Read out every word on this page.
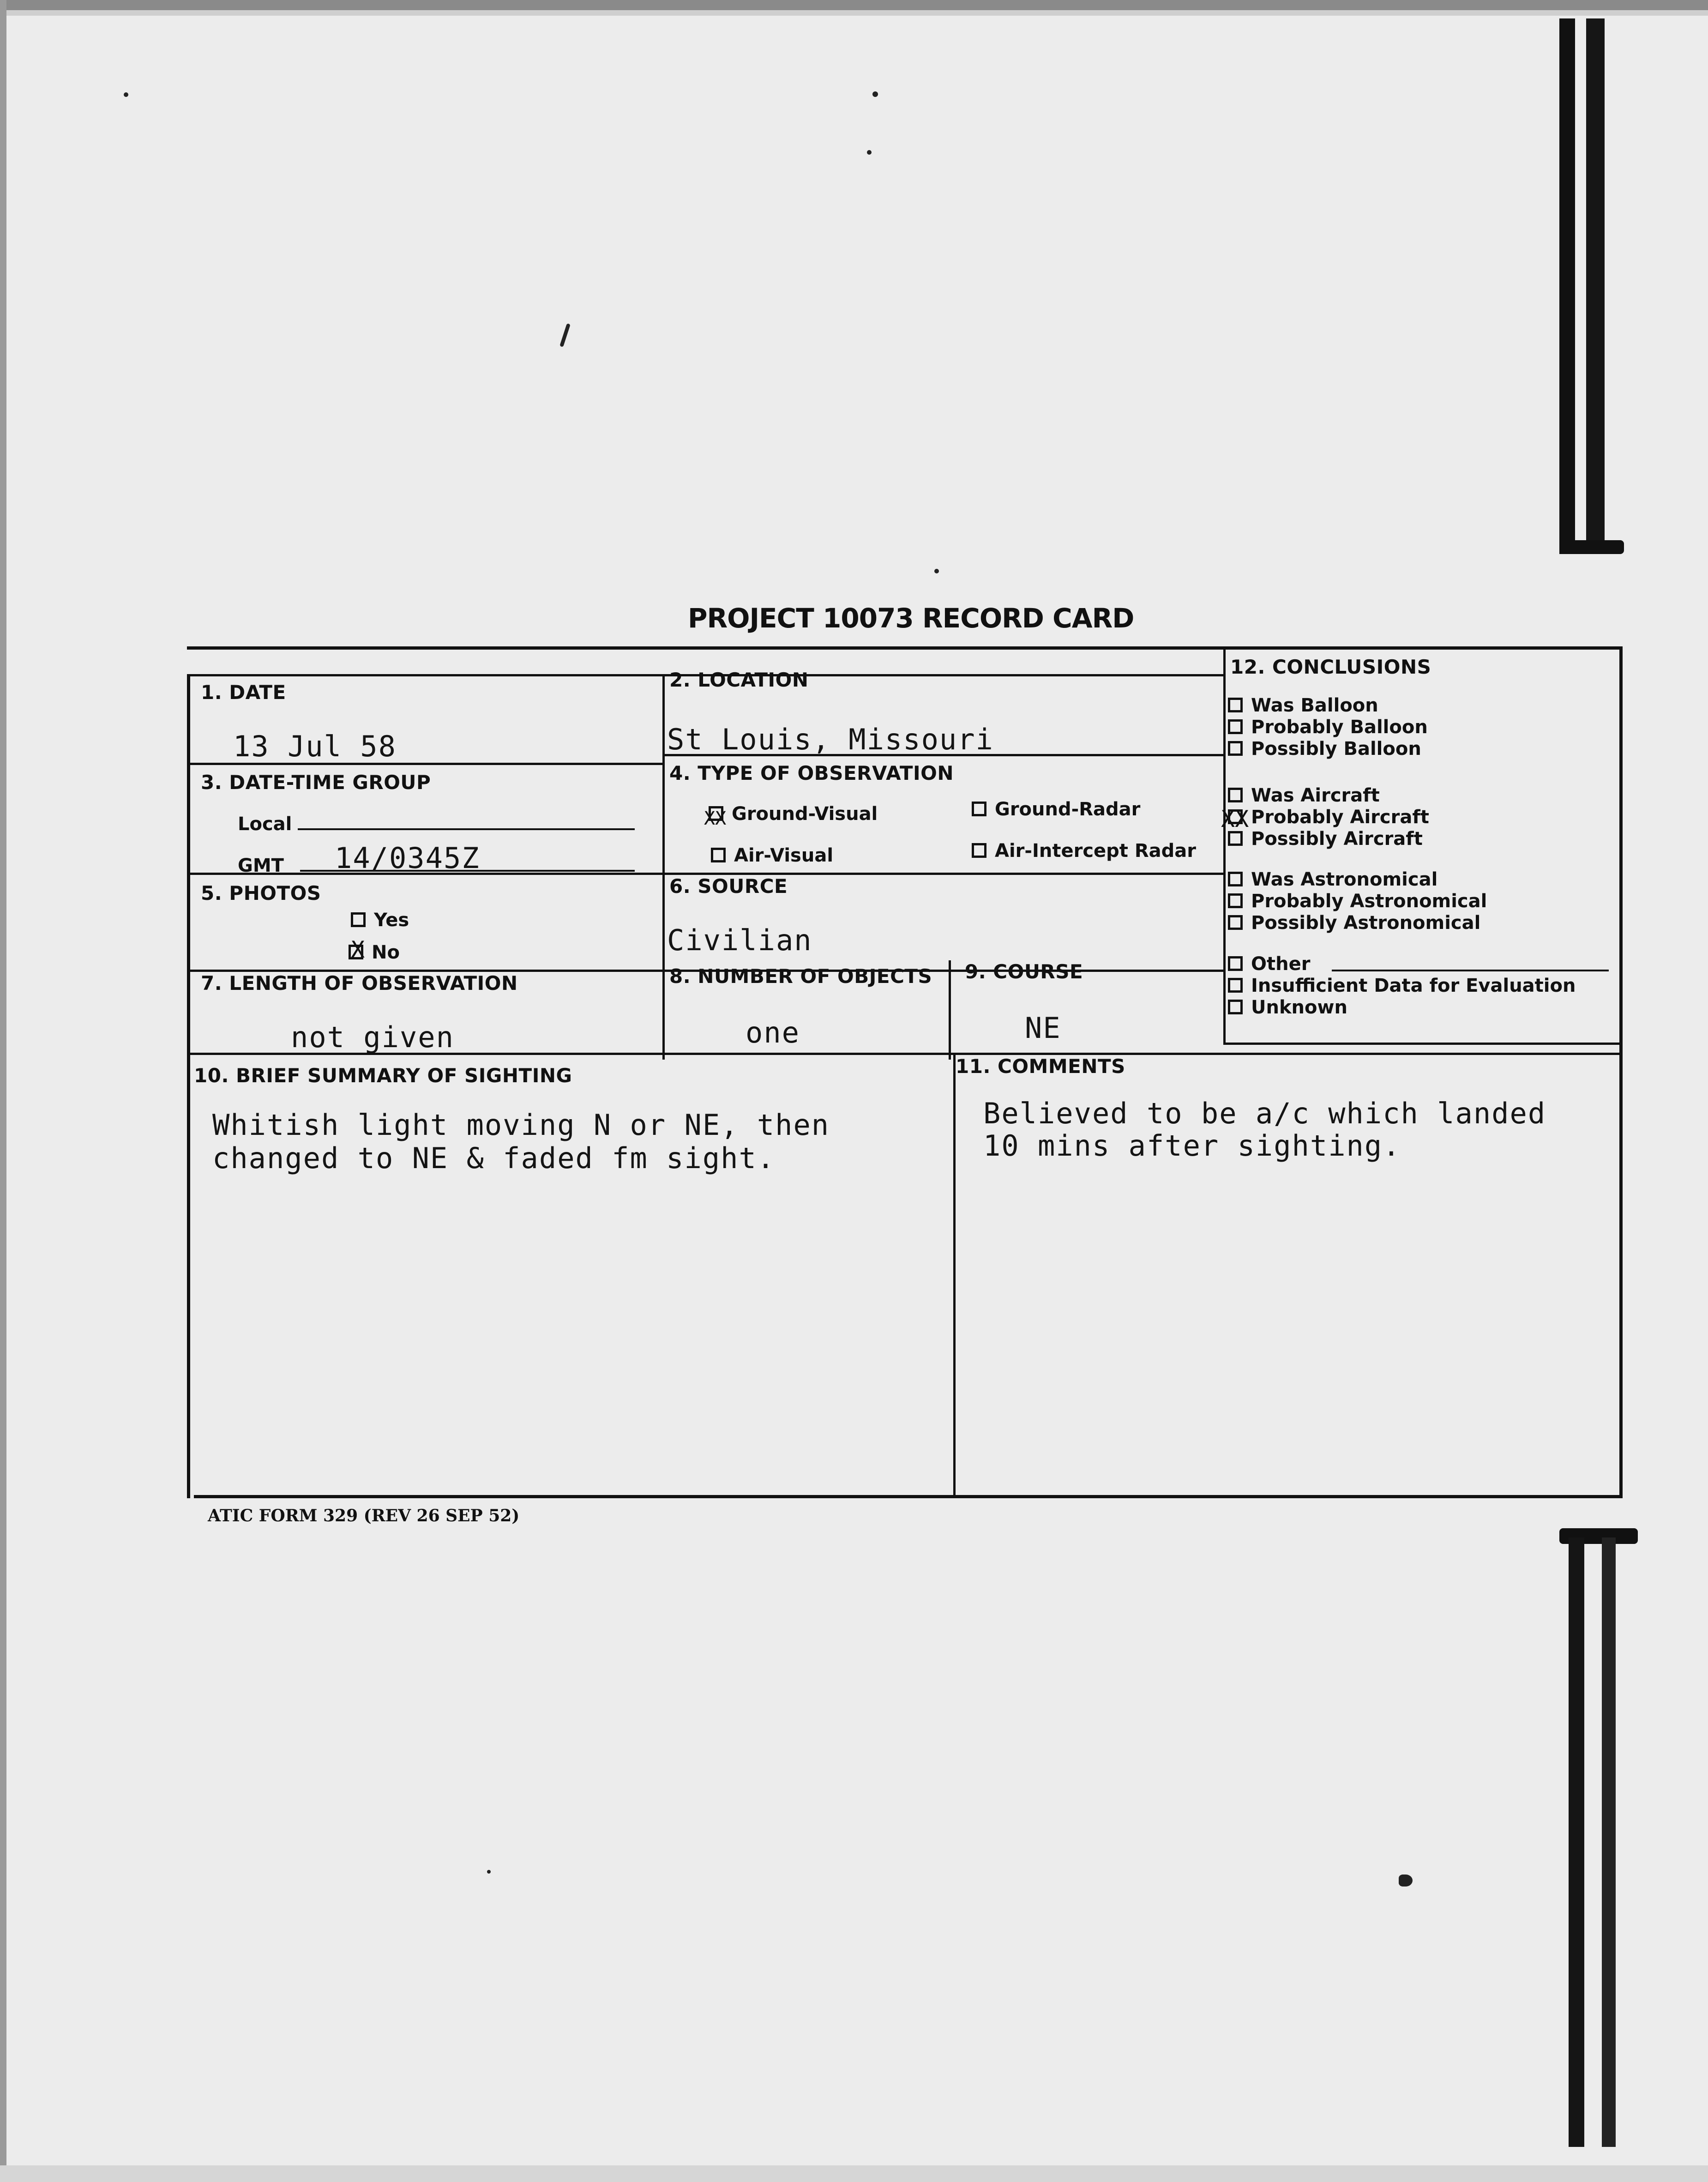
PROJECT 10073 RECORD CARD
1. DATE
13 Jul 58
2. LOCATION
St Louis, Missouri
3. DATE-TIME GROUP
Local
GMT 14/0345Z
4. TYPE OF OBSERVATION
Ground-Visual
XX	Ground-Radar
Air-Visual	Air-Intercept Radar
5. PHOTOS
Yes
No
X
6. SOURCE
Civilian
7. LENGTH OF OBSERVATION
not given
8. NUMBER OF OBJECTS
one
9. COURSE
NE
10. BRIEF SUMMARY OF SIGHTING
Whitish light moving N or NE, then
changed to NE & faded fm sight.
11. COMMENTS
Believed to be a/c which landed
10 mins after sighting.
12. CONCLUSIONS
Was Balloon
Probably Balloon
Possibly Balloon
Was Aircraft
Probably Aircraft
XX
Possibly Aircraft
Was Astronomical
Probably Astronomical
Possibly Astronomical
Other
Insufficient Data for Evaluation
Unknown
ATIC FORM 329 (REV 26 SEP 52)
